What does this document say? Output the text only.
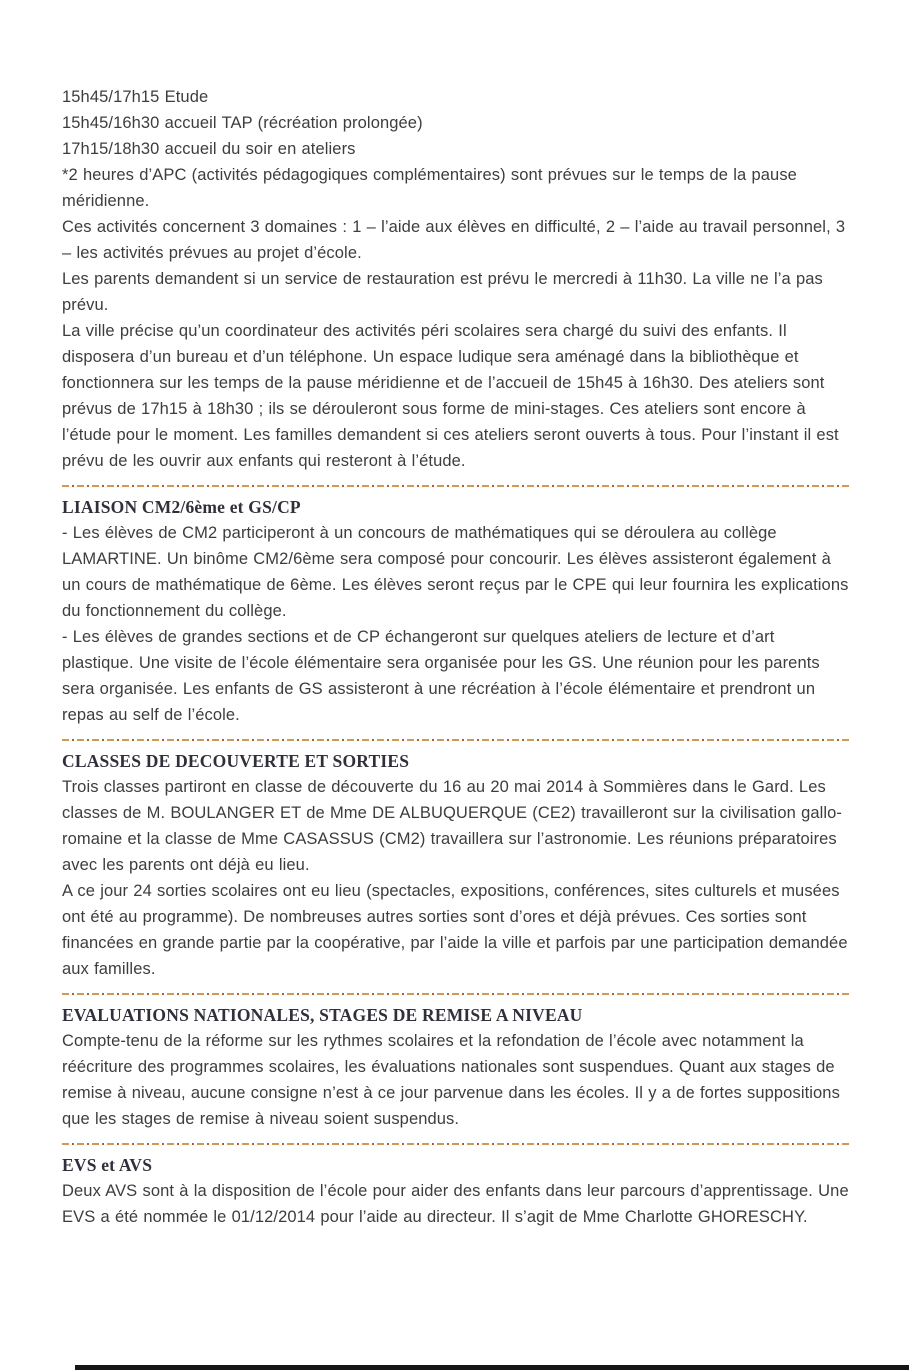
15h45/17h15 Etude

15h45/16h30 accueil TAP (récréation prolongée)

17h15/18h30 accueil du soir en ateliers

*2 heures d’APC (activités pédagogiques complémentaires) sont prévues sur le temps de la pause méridienne.

Ces activités concernent 3 domaines : 1 – l’aide aux élèves en difficulté, 2 – l’aide au travail personnel, 3 – les activités prévues au projet d’école.

Les parents demandent si un service de restauration est prévu le mercredi à 11h30. La ville ne l’a pas prévu.

La ville précise qu’un coordinateur des activités péri scolaires sera chargé du suivi des enfants. Il disposera d’un bureau et d’un téléphone. Un espace ludique sera aménagé dans la bibliothèque et fonctionnera sur les temps de la pause méridienne et de l’accueil de 15h45 à 16h30. Des ateliers sont prévus de 17h15 à 18h30 ; ils se dérouleront sous forme de mini-stages. Ces ateliers sont encore à l’étude pour le moment. Les familles demandent si ces ateliers seront ouverts à tous. Pour l’instant il est prévu de les ouvrir aux enfants qui resteront à l’étude.

LIAISON CM2/6ème et GS/CP

- Les élèves de CM2 participeront à un concours de mathématiques qui se déroulera au collège LAMARTINE. Un binôme CM2/6ème sera composé pour concourir. Les élèves assisteront également à un cours de mathématique de 6ème. Les élèves seront reçus par le CPE qui leur fournira les explications du fonctionnement du collège.

- Les élèves de grandes sections et de CP échangeront sur quelques ateliers de lecture et d’art plastique. Une visite de l’école élémentaire sera organisée pour les GS. Une réunion pour les parents sera organisée. Les enfants de GS assisteront à une récréation à l’école élémentaire et prendront un repas au self de l’école.

CLASSES DE DECOUVERTE ET SORTIES

Trois classes partiront en classe de découverte du 16 au 20 mai 2014 à Sommières dans le Gard. Les classes de M. BOULANGER ET de Mme DE ALBUQUERQUE (CE2) travailleront sur la civilisation gallo-romaine et la classe de Mme CASASSUS (CM2) travaillera sur l’astronomie. Les réunions préparatoires avec les parents ont déjà eu lieu.

A ce jour 24 sorties scolaires ont eu lieu (spectacles, expositions, conférences, sites culturels et musées ont été au programme). De nombreuses autres sorties sont d’ores et déjà prévues. Ces sorties sont financées en grande partie par la coopérative, par l’aide la ville et parfois par une participation demandée aux familles.

EVALUATIONS NATIONALES, STAGES DE REMISE A NIVEAU

Compte-tenu de la réforme sur les rythmes scolaires et la refondation de l’école avec notamment la réécriture des programmes scolaires, les évaluations nationales sont suspendues. Quant aux stages de remise à niveau, aucune consigne n’est à ce jour parvenue dans les écoles. Il y a de fortes suppositions que les stages de remise à niveau soient suspendus.

EVS et AVS

Deux AVS sont à la disposition de l’école pour aider des enfants dans leur parcours d’apprentissage. Une EVS a été nommée le 01/12/2014 pour l’aide au directeur. Il s’agit de Mme Charlotte GHORESCHY.
